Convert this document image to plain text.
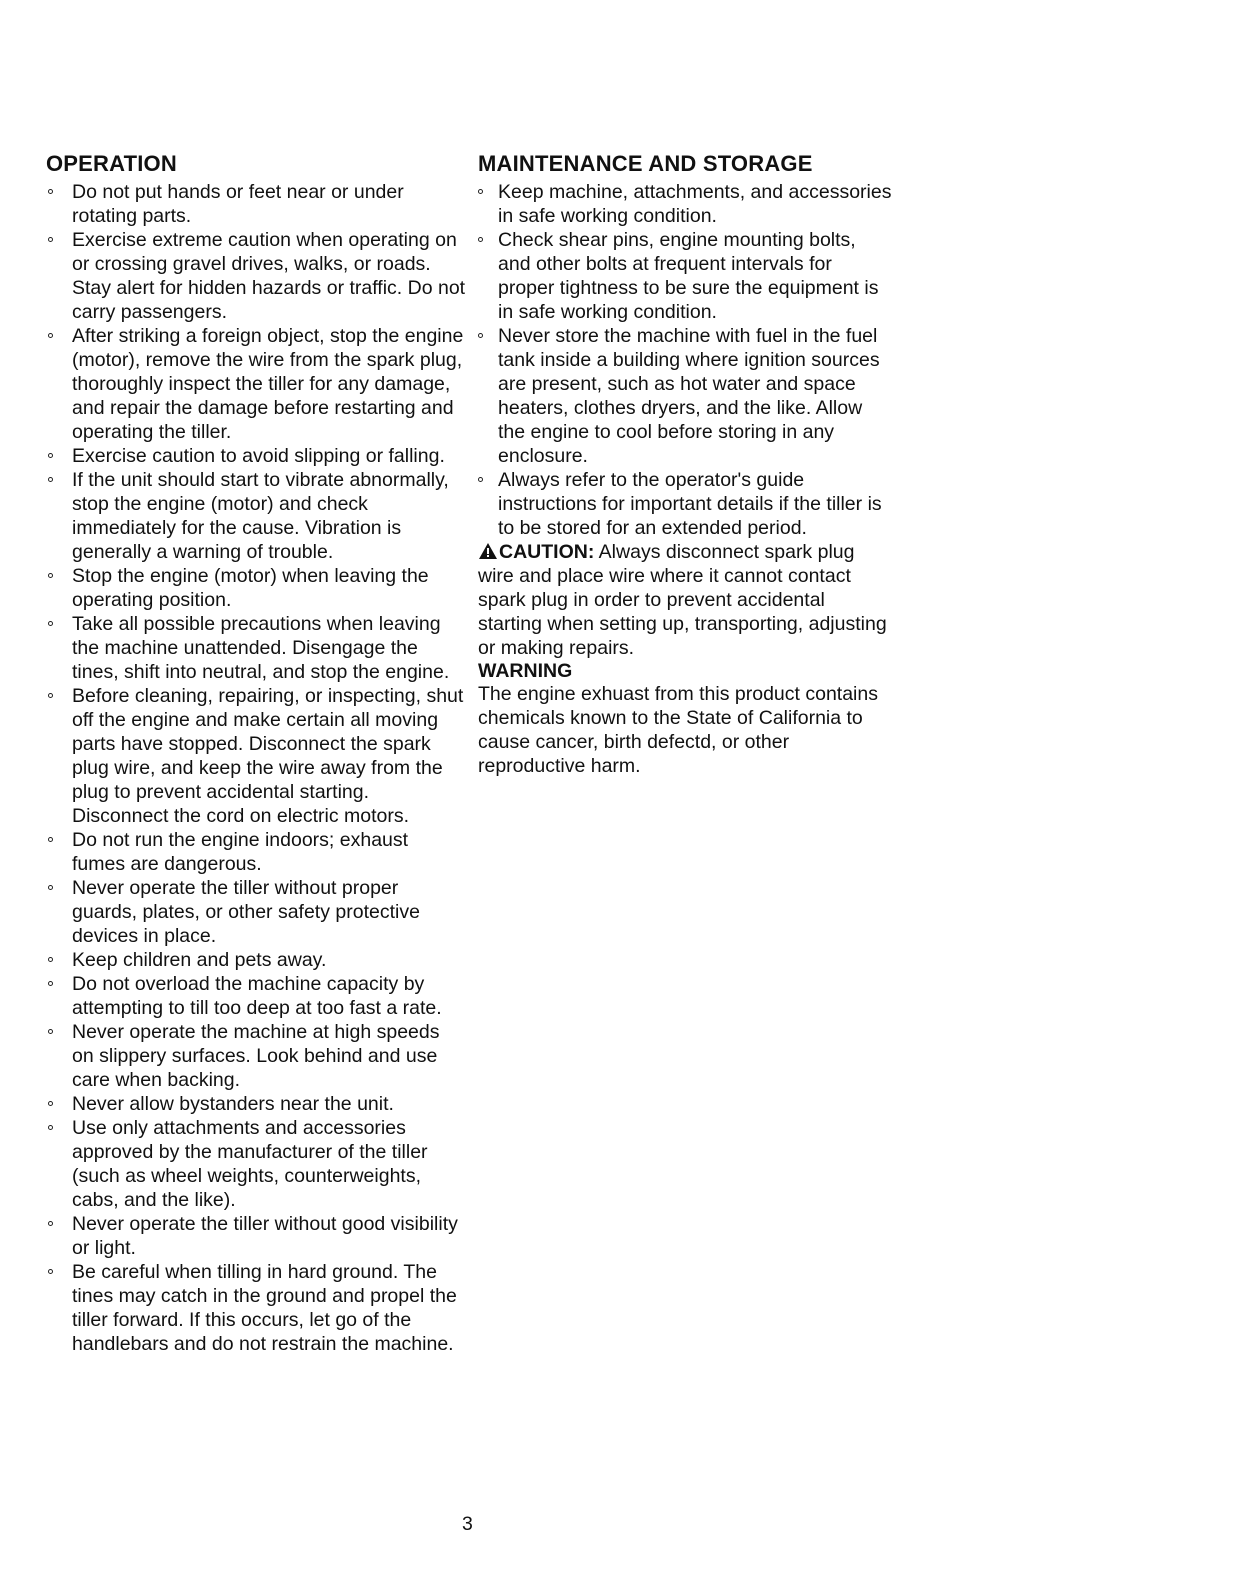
OPERATION
Do not put hands or feet near or under rotating parts.
Exercise extreme caution when operating on or crossing gravel drives, walks, or roads. Stay alert for hidden hazards or traffic. Do not carry passengers.
After striking a foreign object, stop the engine (motor), remove the wire from the spark plug, thoroughly inspect the tiller for any damage, and repair the damage before restarting and operating the tiller.
Exercise caution to avoid slipping or falling.
If the unit should start to vibrate abnormally, stop the engine (motor) and check immediately for the cause. Vibration is generally a warning of trouble.
Stop the engine (motor) when leaving the operating position.
Take all possible precautions when leaving the machine unattended. Disengage the tines, shift into neutral, and stop the engine.
Before cleaning, repairing, or inspecting, shut off the engine and make certain all moving parts have stopped. Disconnect the spark plug wire, and keep the wire away from the plug to prevent accidental starting. Disconnect the cord on electric motors.
Do not run the engine indoors; exhaust fumes are dangerous.
Never operate the tiller without proper guards, plates, or other safety protective devices in place.
Keep children and pets away.
Do not overload the machine capacity by attempting to till too deep at too fast a rate.
Never operate the machine at high speeds on slippery surfaces. Look behind and use care when backing.
Never allow bystanders near the unit.
Use only attachments and accessories approved by the manufacturer of the tiller (such as wheel weights, counterweights, cabs, and the like).
Never operate the tiller without good visibility or light.
Be careful when tilling in hard ground. The tines may catch in the ground and propel the tiller forward. If this occurs, let go of the handlebars and do not restrain the machine.
MAINTENANCE AND STORAGE
Keep machine, attachments, and accessories in safe working condition.
Check shear pins, engine mounting bolts, and other bolts at frequent intervals for proper tightness to be sure the equipment is in safe working condition.
Never store the machine with fuel in the fuel tank inside a building where ignition sources are present, such as hot water and space heaters, clothes dryers, and the like. Allow the engine to cool before storing in any enclosure.
Always refer to the operator's guide instructions for important details if the tiller is to be stored for an extended period.

CAUTION: Always disconnect spark plug wire and place wire where it cannot contact spark plug in order to prevent accidental starting when setting up, transporting, adjusting or making repairs.

WARNING

The engine exhuast from this product contains chemicals known to the State of California to cause cancer, birth defectd, or other reproductive harm.

3
